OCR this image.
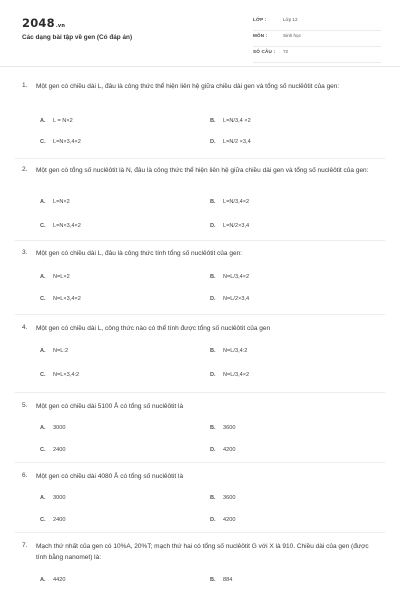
2048.vn
Các dạng bài tập về gen (Có đáp án)
LỚP :	Lớp 12
MÔN :	Sinh học
SỐ CÂU : 72
1. Một gen có chiều dài L, đâu là công thức thể hiện liên hệ giữa chiều dài gen và tổng số nuclêôtit của gen:
A. L = N×2	B. L=N/3,4 ×2
C. L=N×3,4×2	D. L=N/2 ×3,4
2. Một gen có tổng số nuclêôtit là N, đâu là công thức thể hiện liên hệ giữa chiều dài gen và tổng số nuclêôtit của gen:
A. L=N×2	B. L=N/3,4×2
C. L=N×3,4×2	D. L=N/2×3,4
3. Một gen có chiều dài L, đâu là công thức tính tổng số nuclêôtit của gen:
A. N=L×2	B. N=L/3,4×2
C. N=L×3,4×2	D. N=L/2×3,4
4. Một gen có chiều dài L, công thức nào có thể tính được tổng số nuclêôtit của gen
A. N=L:2	B. N=L/3,4:2
C. N=L×3,4:2	D. N=L/3,4×2
5. Một gen có chiều dài 5100 Å có tổng số nuclêôtit là
A. 3000	B. 3600
C. 2400	D. 4200
6. Một gen có chiều dài 4080 Å có tổng số nuclêôtit là
A. 3000	B. 3600
C. 2400	D. 4200
7. Mạch thứ nhất của gen có 10%A, 20%T; mạch thứ hai có tổng số nuclêôtit G với X là 910. Chiều dài của gen (được tính bằng nanomet) là:
A. 4420	B. 884
